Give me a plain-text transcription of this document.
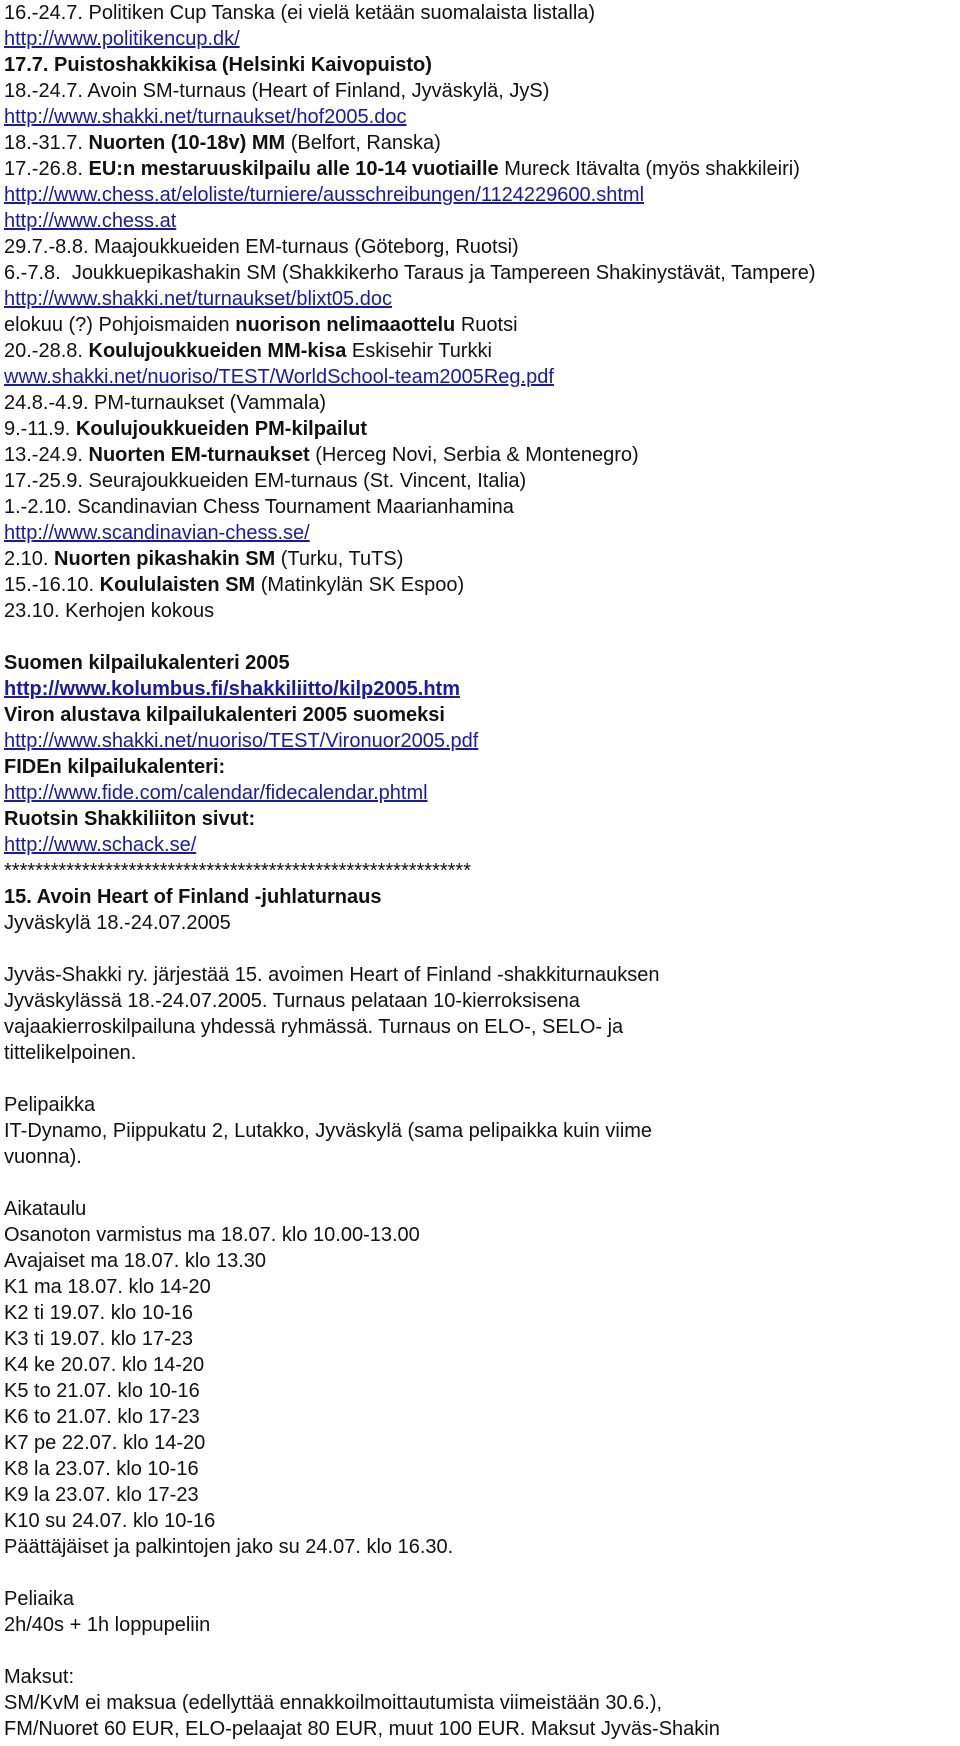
16.-24.7. Politiken Cup Tanska (ei vielä ketään suomalaista listalla)
http://www.politikencup.dk/
17.7. Puistoshakkikisa (Helsinki Kaivopuisto)
18.-24.7. Avoin SM-turnaus (Heart of Finland, Jyväskylä, JyS)
http://www.shakki.net/turnaukset/hof2005.doc
18.-31.7. Nuorten (10-18v) MM (Belfort, Ranska)
17.-26.8. EU:n mestaruuskilpailu alle 10-14 vuotiaille Mureck Itävalta (myös shakkileiri)
http://www.chess.at/eloliste/turniere/ausschreibungen/1124229600.shtml
http://www.chess.at
29.7.-8.8. Maajoukkueiden EM-turnaus (Göteborg, Ruotsi)
6.-7.8.  Joukkuepikashakin SM (Shakkikerho Taraus ja Tampereen Shakinystävät, Tampere)
http://www.shakki.net/turnaukset/blixt05.doc
elokuu (?) Pohjoismaiden nuorison nelimaaottelu Ruotsi
20.-28.8. Koulujoukkueiden MM-kisa Eskisehir Turkki
www.shakki.net/nuoriso/TEST/WorldSchool-team2005Reg.pdf
24.8.-4.9. PM-turnaukset (Vammala)
9.-11.9. Koulujoukkueiden PM-kilpailut
13.-24.9. Nuorten EM-turnaukset (Herceg Novi, Serbia & Montenegro)
17.-25.9. Seurajoukkueiden EM-turnaus (St. Vincent, Italia)
1.-2.10. Scandinavian Chess Tournament Maarianhamina
http://www.scandinavian-chess.se/
2.10. Nuorten pikashakin SM (Turku, TuTS)
15.-16.10. Koululaisten SM (Matinkylän SK Espoo)
23.10. Kerhojen kokous
Suomen kilpailukalenteri 2005
http://www.kolumbus.fi/shakkiliitto/kilp2005.htm
Viron alustava kilpailukalenteri 2005 suomeksi
http://www.shakki.net/nuoriso/TEST/Vironuor2005.pdf
FIDEn kilpailukalenteri:
http://www.fide.com/calendar/fidecalendar.phtml
Ruotsin Shakkiliiton sivut:
http://www.schack.se/
************************************************************
15. Avoin Heart of Finland -juhlaturnaus
Jyväskylä 18.-24.07.2005
Jyväs-Shakki ry. järjestää 15. avoimen Heart of Finland -shakkiturnauksen
Jyväskylässä 18.-24.07.2005. Turnaus pelataan 10-kierroksisena
vajaakierroskilpailuna yhdessä ryhmässä. Turnaus on ELO-, SELO- ja
tittelikelpoinen.
Pelipaikka
IT-Dynamo, Piippukatu 2, Lutakko, Jyväskylä (sama pelipaikka kuin viime
vuonna).
Aikataulu
Osanoton varmistus ma 18.07. klo 10.00-13.00
Avajaiset ma 18.07. klo 13.30
K1 ma 18.07. klo 14-20
K2 ti 19.07. klo 10-16
K3 ti 19.07. klo 17-23
K4 ke 20.07. klo 14-20
K5 to 21.07. klo 10-16
K6 to 21.07. klo 17-23
K7 pe 22.07. klo 14-20
K8 la 23.07. klo 10-16
K9 la 23.07. klo 17-23
K10 su 24.07. klo 10-16
Päättäjäiset ja palkintojen jako su 24.07. klo 16.30.
Peliaika
2h/40s + 1h loppupeliin
Maksut:
SM/KvM ei maksua (edellyttää ennakkoilmoittautumista viimeistään 30.6.),
FM/Nuoret 60 EUR, ELO-pelaajat 80 EUR, muut 100 EUR. Maksut Jyväs-Shakin
